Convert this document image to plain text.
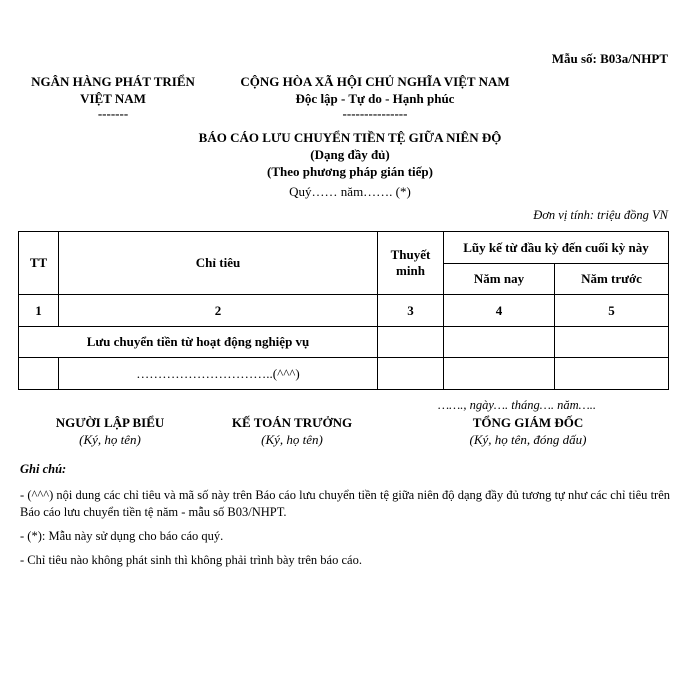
Mẫu số: B03a/NHPT
NGÂN HÀNG PHÁT TRIỂN
VIỆT NAM
-------
CỘNG HÒA XÃ HỘI CHỦ NGHĨA VIỆT NAM
Độc lập - Tự do - Hạnh phúc
---------------
BÁO CÁO LƯU CHUYỂN TIỀN TỆ GIỮA NIÊN ĐỘ
(Dạng đầy đủ)
(Theo phương pháp gián tiếp)
Quý…… năm……. (*)
Đơn vị tính: triệu đồng VN
TT	Chỉ tiêu	Thuyết minh	Lũy kế từ đầu kỳ đến cuối kỳ này	
			Năm nay	Năm trước
1	2	3	4	5
Lưu chuyển tiền từ hoạt động nghiệp vụ				
	…………………………..(^^^)			
……., ngày…. tháng…. năm…..
NGƯỜI LẬP BIỂU
(Ký, họ tên)
KẾ TOÁN TRƯỞNG
(Ký, họ tên)
TỔNG GIÁM ĐỐC
(Ký, họ tên, đóng dấu)

Ghi chú:

- (^^^) nội dung các chỉ tiêu và mã số này trên Báo cáo lưu chuyển tiền tệ giữa niên độ dạng đầy đủ tương tự như các chỉ tiêu trên Báo cáo lưu chuyển tiền tệ năm - mẫu số B03/NHPT.

- (*): Mẫu này sử dụng cho báo cáo quý.

- Chỉ tiêu nào không phát sinh thì không phải trình bày trên báo cáo.
